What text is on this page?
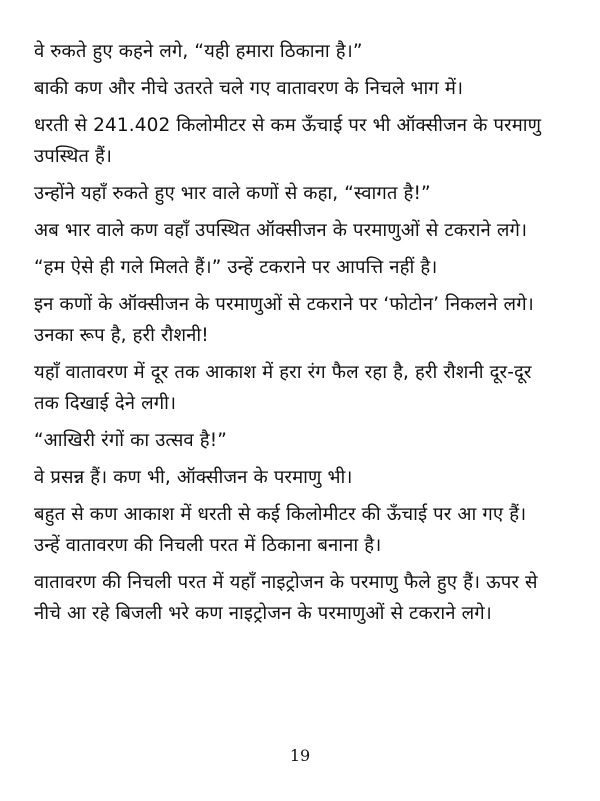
वे रुकते हुए कहने लगे, “यही हमारा ठिकाना है।”

बाकी कण और नीचे उतरते चले गए वातावरण के निचले भाग में।

धरती से 241.402 किलोमीटर से कम ऊँचाई पर भी ऑक्सीजन के परमाणु
उपस्थित हैं।

उन्होंने यहाँ रुकते हुए भार वाले कणों से कहा, “स्वागत है!”

अब भार वाले कण वहाँ उपस्थित ऑक्सीजन के परमाणुओं से टकराने लगे।

“हम ऐसे ही गले मिलते हैं।” उन्हें टकराने पर आपत्ति नहीं है।

इन कणों के ऑक्सीजन के परमाणुओं से टकराने पर ‘फोटोन’ निकलने लगे।
उनका रूप है, हरी रौशनी!

यहाँ वातावरण में दूर तक आकाश में हरा रंग फैल रहा है, हरी रौशनी दूर-दूर
तक दिखाई देने लगी।

“आखिरी रंगों का उत्सव है!”

वे प्रसन्न हैं। कण भी, ऑक्सीजन के परमाणु भी।

बहुत से कण आकाश में धरती से कई किलोमीटर की ऊँचाई पर आ गए हैं।
उन्हें वातावरण की निचली परत में ठिकाना बनाना है।

वातावरण की निचली परत में यहाँ नाइट्रोजन के परमाणु फैले हुए हैं। ऊपर से
नीचे आ रहे बिजली भरे कण नाइट्रोजन के परमाणुओं से टकराने लगे।

19
